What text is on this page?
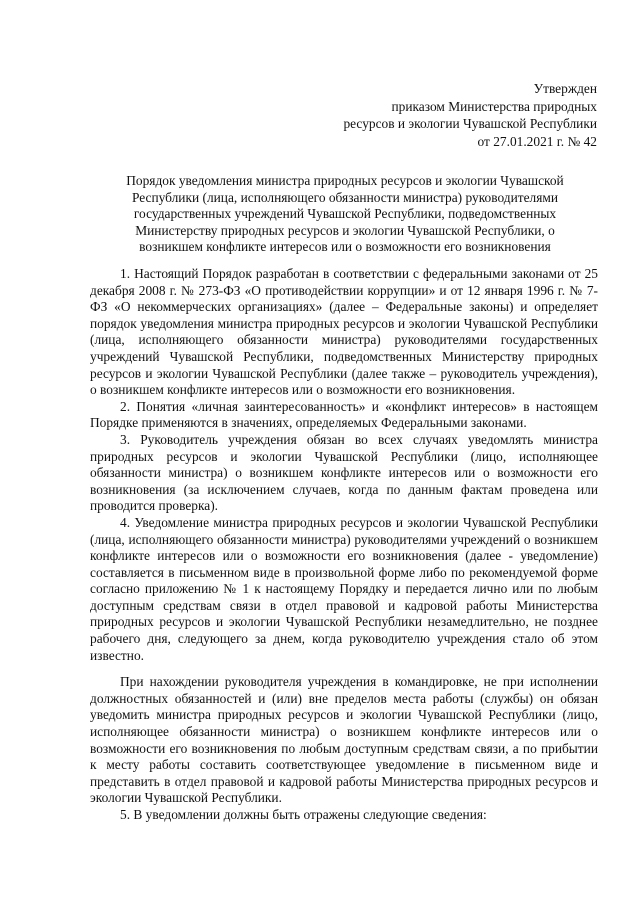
Утвержден
приказом Министерства природных
ресурсов и экологии Чувашской Республики
от 27.01.2021 г. № 42
Порядок уведомления министра природных ресурсов и экологии Чувашской
Республики (лица, исполняющего обязанности министра) руководителями
государственных учреждений Чувашской Республики, подведомственных
Министерству природных ресурсов и экологии Чувашской Республики, о
возникшем конфликте интересов или о возможности его возникновения

1. Настоящий Порядок разработан в соответствии с федеральными законами от 25 декабря 2008 г. № 273-ФЗ «О противодействии коррупции» и от 12 января 1996 г. № 7-ФЗ «О некоммерческих организациях» (далее – Федеральные законы) и определяет порядок уведомления министра природных ресурсов и экологии Чувашской Республики (лица, исполняющего обязанности министра) руководителями государственных учреждений Чувашской Республики, подведомственных Министерству природных ресурсов и экологии Чувашской Республики (далее также – руководитель учреждения), о возникшем конфликте интересов или о возможности его возникновения.

2. Понятия «личная заинтересованность» и «конфликт интересов» в настоящем Порядке применяются в значениях, определяемых Федеральными законами.

3. Руководитель учреждения обязан во всех случаях уведомлять министра природных ресурсов и экологии Чувашской Республики (лицо, исполняющее обязанности министра) о возникшем конфликте интересов или о возможности его возникновения (за исключением случаев, когда по данным фактам проведена или проводится проверка).

4. Уведомление министра природных ресурсов и экологии Чувашской Республики (лица, исполняющего обязанности министра) руководителями учреждений о возникшем конфликте интересов или о возможности его возникновения (далее - уведомление) составляется в письменном виде в произвольной форме либо по рекомендуемой форме согласно приложению № 1 к настоящему Порядку и передается лично или по любым доступным средствам связи в отдел правовой и кадровой работы Министерства природных ресурсов и экологии Чувашской Республики незамедлительно, не позднее рабочего дня, следующего за днем, когда руководителю учреждения стало об этом известно.

При нахождении руководителя учреждения в командировке, не при исполнении должностных обязанностей и (или) вне пределов места работы (службы) он обязан уведомить министра природных ресурсов и экологии Чувашской Республики (лицо, исполняющее обязанности министра) о возникшем конфликте интересов или о возможности его возникновения по любым доступным средствам связи, а по прибытии к месту работы составить соответствующее уведомление в письменном виде и представить в отдел правовой и кадровой работы Министерства природных ресурсов и экологии Чувашской Республики.

5. В уведомлении должны быть отражены следующие сведения:
